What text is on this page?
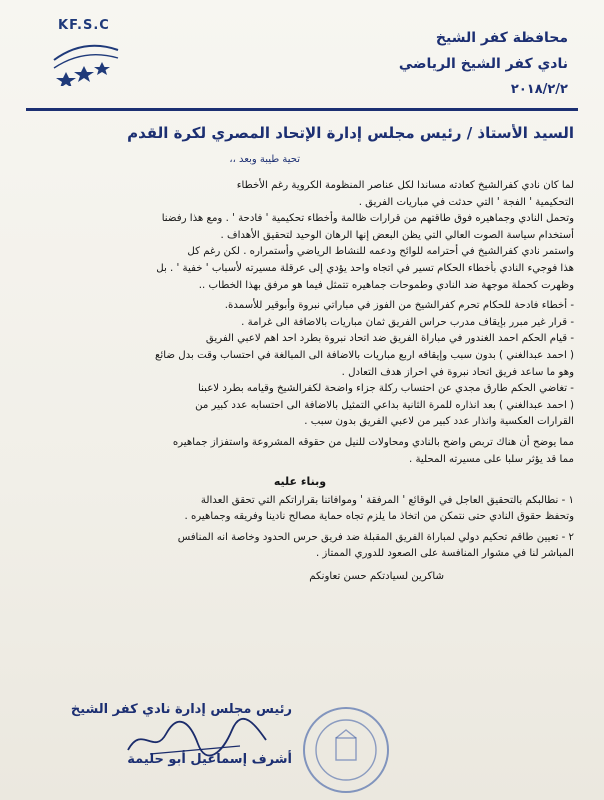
KF.S.C
محافظة كفر الشيخ
نادي كفر الشيخ الرياضي
٢٠١٨/٢/٢
السيد الأستاذ / رئيس مجلس إدارة الإتحاد المصري لكرة القدم
تحية طيبة وبعد ،،

لما كان نادي كفرالشيخ كعادته مساندا لكل عناصر المنظومة الكروية رغم الأخطاء

التحكيمية ' الفجة ' التي حدثت في مباريات الفريق .

وتحمل النادي وجماهيره فوق طاقتهم من قرارات ظالمة وأخطاء تحكيمية ' فادحة ' . ومع هذا رفضنا

أستخدام سياسة الصوت العالي التي يظن البعض إنها الرهان الوحيد لتحقيق الأهداف .

واستمر نادي كفرالشيخ في أحترامه للوائح ودعمه للنشاط الرياضي وأستمراره . لكن رغم كل

هذا فوجيء النادي بأخطاء الحكام تسير في اتجاه واحد يؤدي إلى عرقلة مسيرته لأسباب ' خفية ' . بل

وظهرت كحملة موجهة ضد النادي وطموحات جماهيره تتمثل فيما هو مرفق بهذا الخطاب ..

- أخطاء فادحة للحكام تحرم كفرالشيخ من الفوز في مباراتي نبروة وأبوقير للأسمدة.

- قرار غير مبرر بإيقاف مدرب حراس الفريق ثمان مباريات بالاضافة الى غرامة .

- قيام الحكم احمد الغندور في مباراة الفريق ضد اتحاد نبروة بطرد احد اهم لاعبي الفريق

( احمد عبدالغني ) بدون سبب وإيقافه اربع مباريات بالاضافة الى المبالغة في احتساب وقت بدل ضائع

وهو ما ساعد فريق اتحاد نبروة في احراز هدف التعادل .

- تغاضي الحكم طارق مجدي عن احتساب ركلة جزاء واضحة لكفرالشيخ وقيامه بطرد لاعبنا

( احمد عبدالغني ) بعد انذاره للمرة الثانية بداعي التمثيل بالاضافة الى احتسابه عدد كبير من

القرارات العكسية وانذار عدد كبير من لاعبي الفريق بدون سبب .

مما يوضح أن هناك تربص واضح بالنادي ومحاولات للنيل من حقوقه المشروعة واستفزاز جماهيره

مما قد يؤثر سلبا على مسيرته المحلية .

وبناء عليه

١ - نطالبكم بالتحقيق العاجل في الوقائع ' المرفقة ' وموافاتنا بقراراتكم التي تحقق العدالة

وتحفظ حقوق النادي حتى نتمكن من اتخاذ ما يلزم تجاه حماية مصالح نادينا وفريقه وجماهيره .

٢ - تعيين طاقم تحكيم دولي لمباراة الفريق المقبلة ضد فريق حرس الحدود وخاصة انه المنافس

المباشر لنا في مشوار المنافسة على الصعود للدوري الممتاز .

شاكرين لسيادتكم حسن تعاونكم

رئيس مجلس إدارة نادي كفر الشيخ
أشرف إسماعيل أبو حليمة
